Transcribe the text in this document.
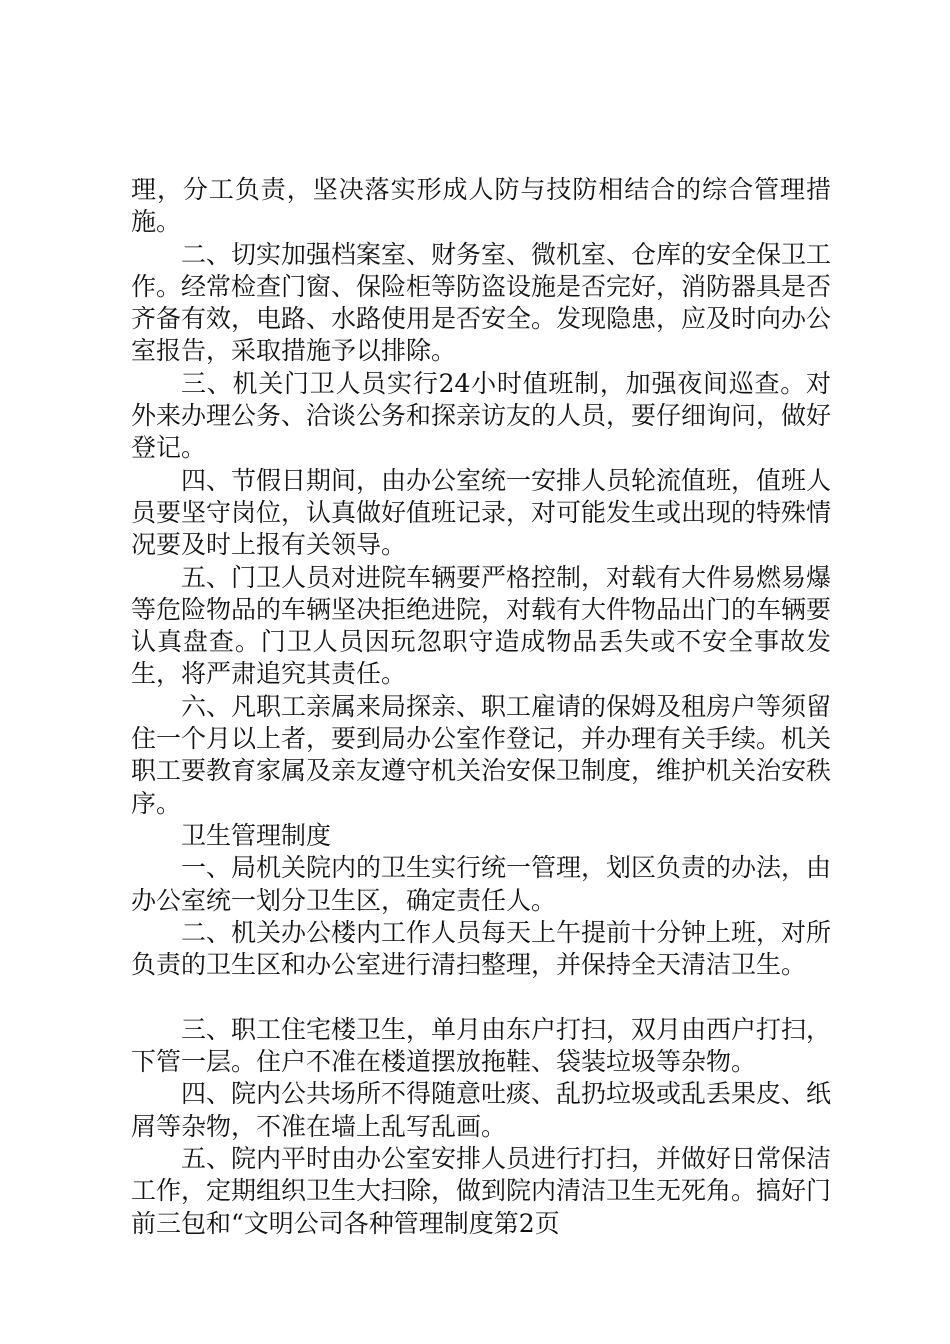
理，分工负责，坚决落实形成人防与技防相结合的综合管理措施。

二、切实加强档案室、财务室、微机室、仓库的安全保卫工作。经常检查门窗、保险柜等防盗设施是否完好，消防器具是否齐备有效，电路、水路使用是否安全。发现隐患，应及时向办公室报告，采取措施予以排除。

三、机关门卫人员实行24小时值班制，加强夜间巡查。对外来办理公务、洽谈公务和探亲访友的人员，要仔细询问，做好登记。

四、节假日期间，由办公室统一安排人员轮流值班，值班人员要坚守岗位，认真做好值班记录，对可能发生或出现的特殊情况要及时上报有关领导。

五、门卫人员对进院车辆要严格控制，对载有大件易燃易爆等危险物品的车辆坚决拒绝进院，对载有大件物品出门的车辆要认真盘查。门卫人员因玩忽职守造成物品丢失或不安全事故发生，将严肃追究其责任。

六、凡职工亲属来局探亲、职工雇请的保姆及租房户等须留住一个月以上者，要到局办公室作登记，并办理有关手续。机关职工要教育家属及亲友遵守机关治安保卫制度，维护机关治安秩序。

卫生管理制度

一、局机关院内的卫生实行统一管理，划区负责的办法，由办公室统一划分卫生区，确定责任人。

二、机关办公楼内工作人员每天上午提前十分钟上班，对所负责的卫生区和办公室进行清扫整理，并保持全天清洁卫生。

三、职工住宅楼卫生，单月由东户打扫，双月由西户打扫，下管一层。住户不准在楼道摆放拖鞋、袋装垃圾等杂物。

四、院内公共场所不得随意吐痰、乱扔垃圾或乱丢果皮、纸屑等杂物，不准在墙上乱写乱画。

五、院内平时由办公室安排人员进行打扫，并做好日常保洁工作，定期组织卫生大扫除，做到院内清洁卫生无死角。搞好门前三包和“文明公司各种管理制度第2页
